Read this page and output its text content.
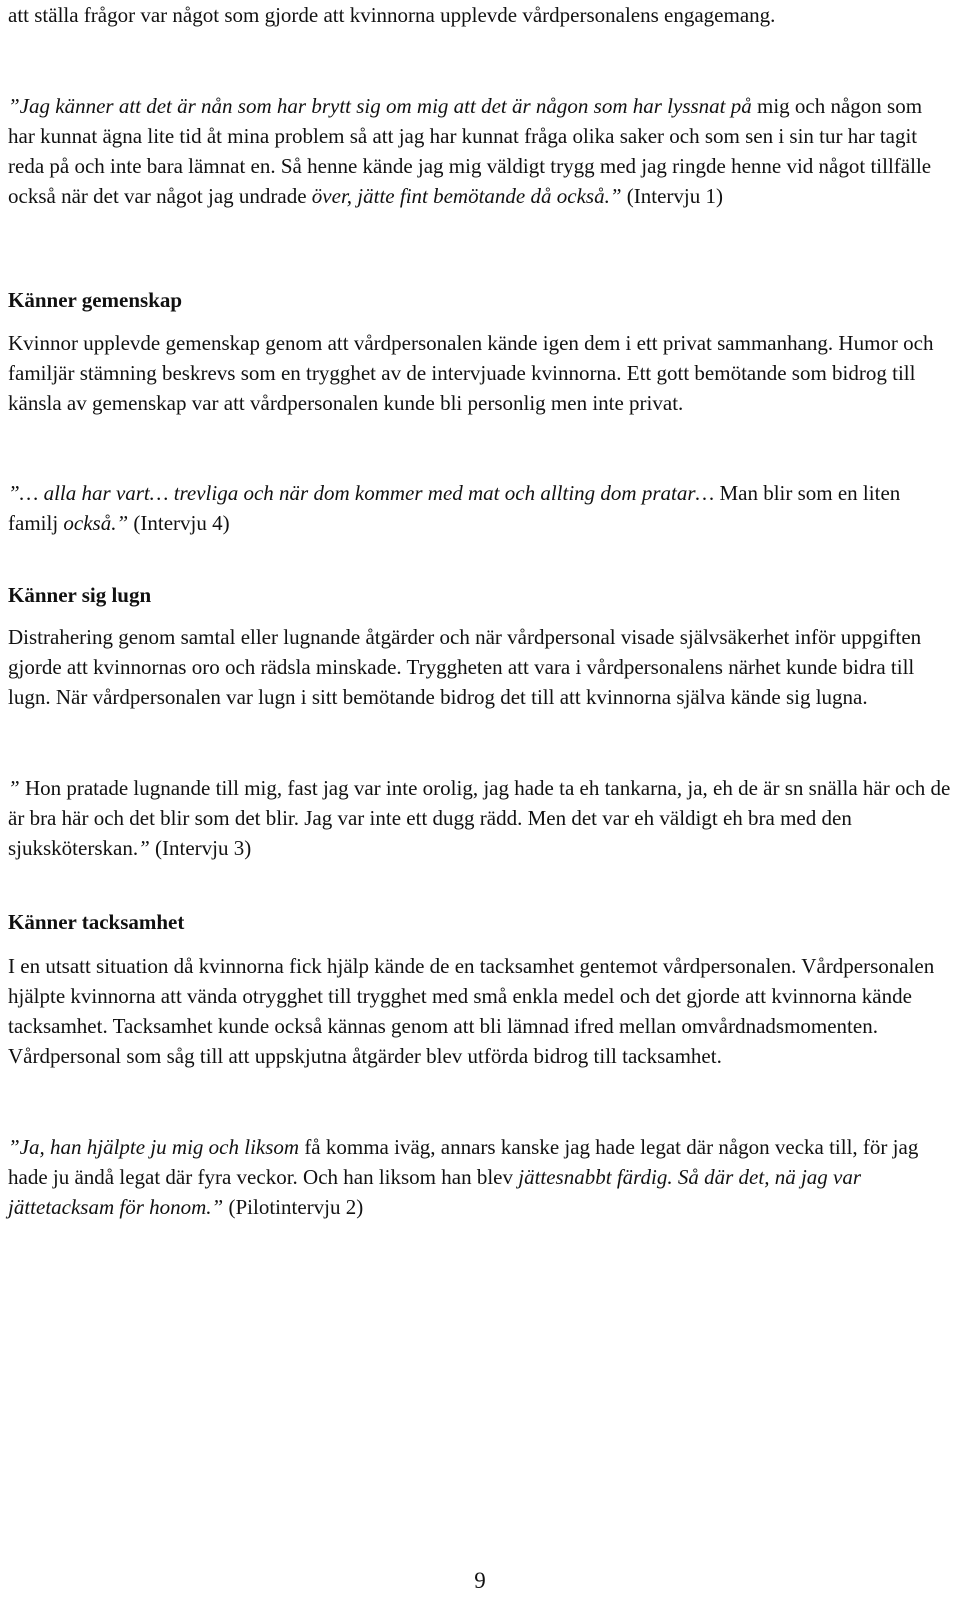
att ställa frågor var något som gjorde att kvinnorna upplevde vårdpersonalens engagemang.

”Jag känner att det är nån som har brytt sig om mig att det är någon som har lyssnat på mig och någon som har kunnat ägna lite tid åt mina problem så att jag har kunnat fråga olika saker och som sen i sin tur har tagit reda på och inte bara lämnat en. Så henne kände jag mig väldigt trygg med jag ringde henne vid något tillfälle också när det var något jag undrade över, jätte fint bemötande då också.” (Intervju 1)

Känner gemenskap

Kvinnor upplevde gemenskap genom att vårdpersonalen kände igen dem i ett privat sammanhang. Humor och familjär stämning beskrevs som en trygghet av de intervjuade kvinnorna. Ett gott bemötande som bidrog till känsla av gemenskap var att vårdpersonalen kunde bli personlig men inte privat.

”… alla har vart… trevliga och när dom kommer med mat och allting dom pratar… Man blir som en liten familj också.” (Intervju 4)

Känner sig lugn

Distrahering genom samtal eller lugnande åtgärder och när vårdpersonal visade självsäkerhet inför uppgiften gjorde att kvinnornas oro och rädsla minskade. Tryggheten att vara i vårdpersonalens närhet kunde bidra till lugn. När vårdpersonalen var lugn i sitt bemötande bidrog det till att kvinnorna själva kände sig lugna.

” Hon pratade lugnande till mig, fast jag var inte orolig, jag hade ta eh tankarna, ja, eh de är sn snälla här och de är bra här och det blir som det blir. Jag var inte ett dugg rädd. Men det var eh väldigt eh bra med den sjuksköterskan.” (Intervju 3)

Känner tacksamhet

I en utsatt situation då kvinnorna fick hjälp kände de en tacksamhet gentemot vårdpersonalen. Vårdpersonalen hjälpte kvinnorna att vända otrygghet till trygghet med små enkla medel och det gjorde att kvinnorna kände tacksamhet. Tacksamhet kunde också kännas genom att bli lämnad ifred mellan omvårdnadsmomenten. Vårdpersonal som såg till att uppskjutna åtgärder blev utförda bidrog till tacksamhet.

”Ja, han hjälpte ju mig och liksom få komma iväg, annars kanske jag hade legat där någon vecka till, för jag hade ju ändå legat där fyra veckor. Och han liksom han blev jättesnabbt färdig. Så där det, nä jag var jättetacksam för honom.” (Pilotintervju 2)

9
